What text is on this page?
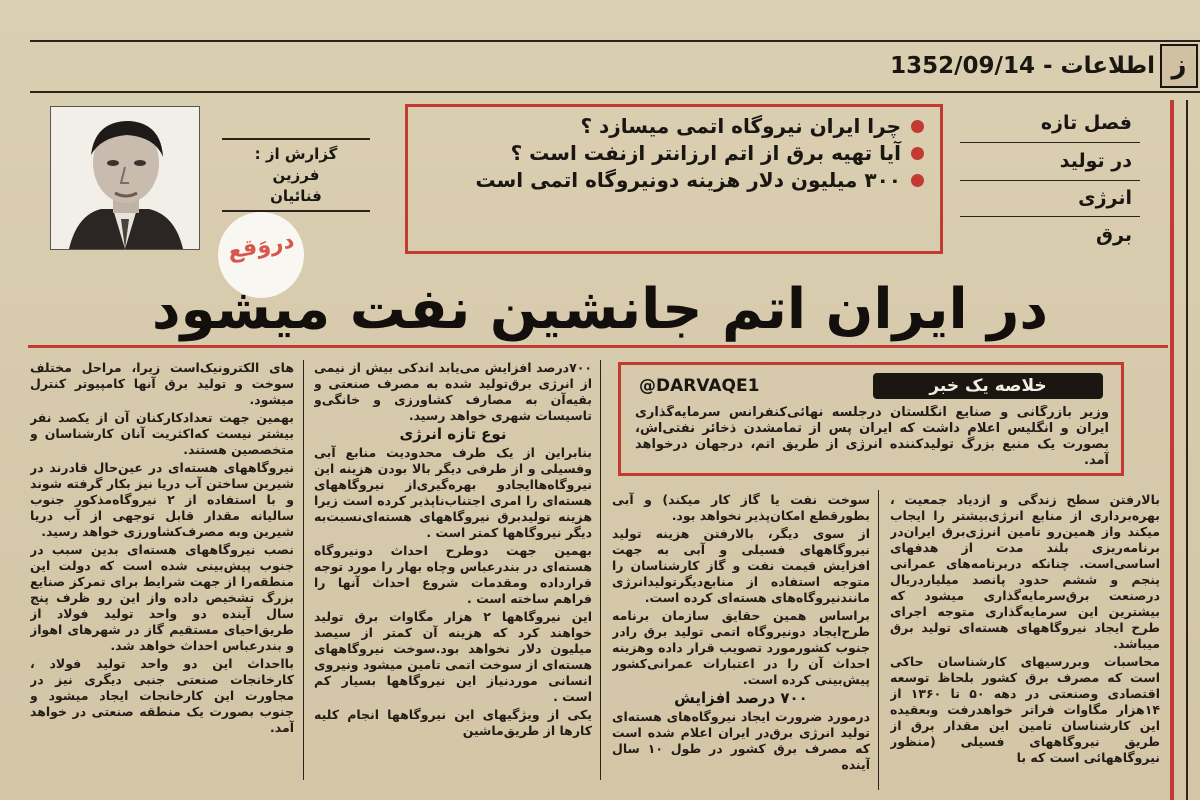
ز
اطلاعات - 1352/09/14
گزارش از :
فرزین
فنائیان
دروَقع
چرا ایران نیروگاه اتمی میسازد ؟
آیا تهیه برق از اتم ارزانتر ازنفت است ؟
۳۰۰ میلیون دلار هزینه دونیروگاه اتمی است
فصل تازه
در تولید
انرژی
برق
در ایران اتم جانشین نفت میشود
خلاصه یک خبر
@DARVAQE1
وزیر بازرگانی و صنایع انگلستان درجلسه نهائی‌کنفرانس سرمایه‌گذاری ایران و انگلیس اعلام داشت که ایران پس از تمامشدن ذخائر نفتی‌اش، بصورت یک منبع بزرگ تولیدکننده انرژی از طریق اتم، درجهان درخواهد آمد.

بالارفتن سطح زندگی و ازدیاد جمعیت ، بهره‌برداری از منابع انرژی‌بیشتر را ایجاب میکند واز همین‌رو تامین انرژی‌برق ایران‌در برنامه‌ریزی بلند مدت از هدفهای اساسی‌است. چنانکه دربرنامه‌های عمرانی پنجم و ششم حدود پانصد میلیارد‌ریال درصنعت برق‌سرمایه‌گذاری میشود که بیشترین این سرمایه‌گذاری متوجه اجرای طرح ایجاد نیروگاههای هسته‌ای تولید برق میباشد.

محاسبات وبررسیهای کارشناسان حاکی است که مصرف برق کشور بلحاظ توسعه اقتصادی وصنعتی در دهه ۵۰ تا ۱۳۶۰ از ۱۴هزار مگاوات فراتر خواهدرفت وبعقیده این کارشناسان تامین این مقدار برق از طریق نیروگاههای فسیلی (منظور نیروگاههائی است که با

سوخت نفت یا گاز کار میکند) و آبی بطورقطع امکان‌پذیر نخواهد بود.

از سوی دیگر، بالارفتن هزینه تولید نیروگاههای فسیلی و آبی به جهت افزایش قیمت نفت و گاز کارشناسان را متوجه استفاده از منابع‌دیگرتولیدانرژی مانندنیروگاه‌های هسته‌ای کرده است.

براساس همین حقایق سازمان برنامه طرح‌ایجاد دونیروگاه اتمی تولید برق رادر جنوب کشورمورد تصویب قرار داده وهزینه احداث آن را در اعتبارات عمرانی‌کشور پیش‌بینی کرده است.

۷۰۰ درصد افزایش

درمورد ضرورت ایجاد نیروگاه‌های هسته‌ای تولید انرژی برق‌در ایران اعلام شده است که مصرف برق کشور در طول ۱۰ سال آینده

۷۰۰درصد افزایش می‌یابد اندکی بیش از نیمی از انرژی برق‌تولید شده به مصرف صنعتی و بقیه‌آن به مصارف کشاورزی و خانگی‌و تاسیسات شهری خواهد رسید.

نوع تازه انرژی

بنابراین از یک طرف محدودیت منابع آبی وفسیلی و از طرفی دیگر بالا بودن هزینه این نیروگاه‌هاایجادو بهره‌گیری‌از نیروگاههای هسته‌ای را امری اجتناب‌ناپذیر کرده است زیرا هزینه تولیدبرق نیروگاههای هسته‌ای‌نسبت‌به دیگر نیروگاهها کمتر است .

بهمین جهت دوطرح احداث دونیروگاه هسته‌ای در بندرعباس وچاه بهار را مورد توجه قرارداده ومقدمات شروع احداث آنها را فراهم ساخته است .

این نیروگاهها ۲ هزار مگاوات برق تولید خواهند کرد که هزینه آن کمتر از سیصد میلیون دلار نخواهد بود.سوخت نیروگاههای هسته‌ای از سوخت اتمی تامین میشود ونیروی انسانی موردنیاز این نیروگاهها بسیار کم است .

یکی از ویژگیهای این نیروگاهها انجام کلیه کارها از طریق‌ماشین

های الکترونیک‌است زیرا، مراحل مختلف سوخت و تولید برق آنها کامپیوتر کنترل میشود.

بهمین جهت تعدادکارکنان آن از یکصد نفر بیشتر نیست که‌اکثریت آنان کارشناسان و متخصصین هستند.

نیروگاههای هسته‌ای در عین‌حال قادرند در شیرین ساختن آب دریا نیز بکار گرفته شوند و با استفاده از ۲ نیروگاه‌مذکور جنوب سالیانه مقدار قابل توجهی از آب دریا شیرین وبه مصرف‌کشاورزی خواهد رسید.

نصب نیروگاههای هسته‌ای بدین سبب در جنوب پیش‌بینی شده است که دولت این منطقه‌را از جهت شرایط برای تمرکز صنایع بزرگ تشخیص داده واز این رو ظرف پنج سال آینده دو واحد تولید فولاد از طریق‌احیای مستقیم گاز در شهرهای اهواز و بندرعباس احداث خواهد شد.

بااحداث این دو واحد تولید فولاد ، کارخانجات صنعتی جنبی دیگری نیز در مجاورت این کارخانجات ایجاد میشود و جنوب بصورت یک منطقه صنعتی در خواهد آمد.
